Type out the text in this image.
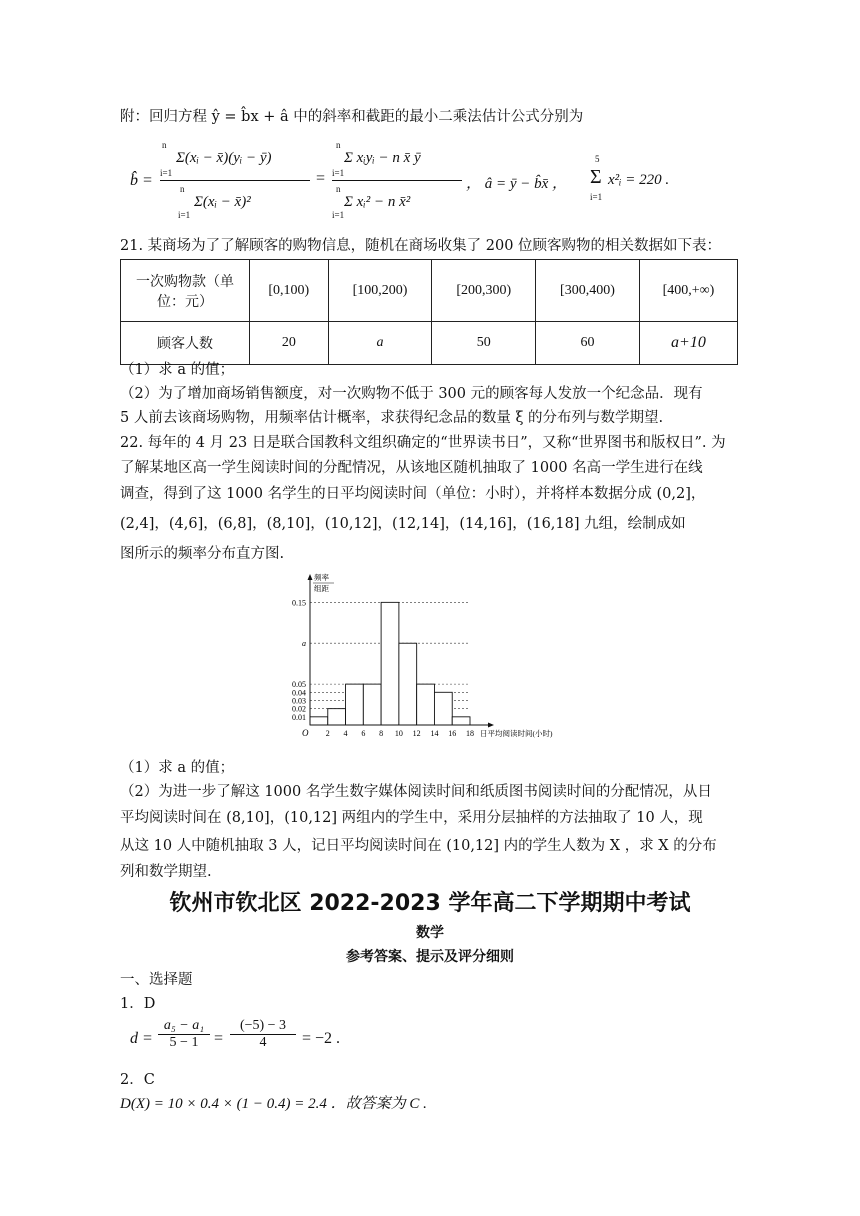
附：回归方程 ŷ = b̂x + â 中的斜率和截距的最小二乘法估计公式分别为
b̂ =
n
Σ(xᵢ − x̄)(yᵢ − ȳ)
i=1
n
Σ(xᵢ − x̄)²
i=1
=
n
Σ xᵢyᵢ − n x̄ ȳ
i=1
n
Σ xᵢ² − n x̄²
i=1
， â = ȳ − b̂x̄ ，
5
Σ
i=1
x²ᵢ = 220 .
21. 某商场为了了解顾客的购物信息，随机在商场收集了 200 位顾客购物的相关数据如下表：
一次购物款（单
位：元）	[0,100)	[100,200)	[200,300)	[300,400)	[400,+∞)
顾客人数	20	a	50	60	a+10
（1）求 a 的值；
（2）为了增加商场销售额度，对一次购物不低于 300 元的顾客每人发放一个纪念品．现有
5 人前去该商场购物，用频率估计概率，求获得纪念品的数量 ξ 的分布列与数学期望.
22. 每年的 4 月 23 日是联合国教科文组织确定的“世界读书日”，又称“世界图书和版权日”. 为
了解某地区高一学生阅读时间的分配情况，从该地区随机抽取了 1000 名高一学生进行在线
调查，得到了这 1000 名学生的日平均阅读时间（单位：小时），并将样本数据分成 (0,2]，
(2,4]，(4,6]，(6,8]，(8,10]，(10,12]，(12,14]，(14,16]，(16,18] 九组，绘制成如
图所示的频率分布直方图.
0.15
a
0.05
0.04
0.03
0.02
0.01
2 4 6 8 10 12 14 16 18
O	日平均阅读时间(小时)
频率
组距
（1）求 a 的值；
（2）为进一步了解这 1000 名学生数字媒体阅读时间和纸质图书阅读时间的分配情况，从日
平均阅读时间在 (8,10]，(10,12] 两组内的学生中，采用分层抽样的方法抽取了 10 人，现
从这 10 人中随机抽取 3 人，记日平均阅读时间在 (10,12] 内的学生人数为 X ，求 X 的分布
列和数学期望.
钦州市钦北区 2022-2023 学年高二下学期期中考试
数学
参考答案、提示及评分细则
一、选择题
1．D
d =
a₅ − a₁
5 − 1 =
(−5) − 3
4	= −2 .
2．C
D(X) = 10 × 0.4 × (1 − 0.4) = 2.4 ．故答案为 C .
